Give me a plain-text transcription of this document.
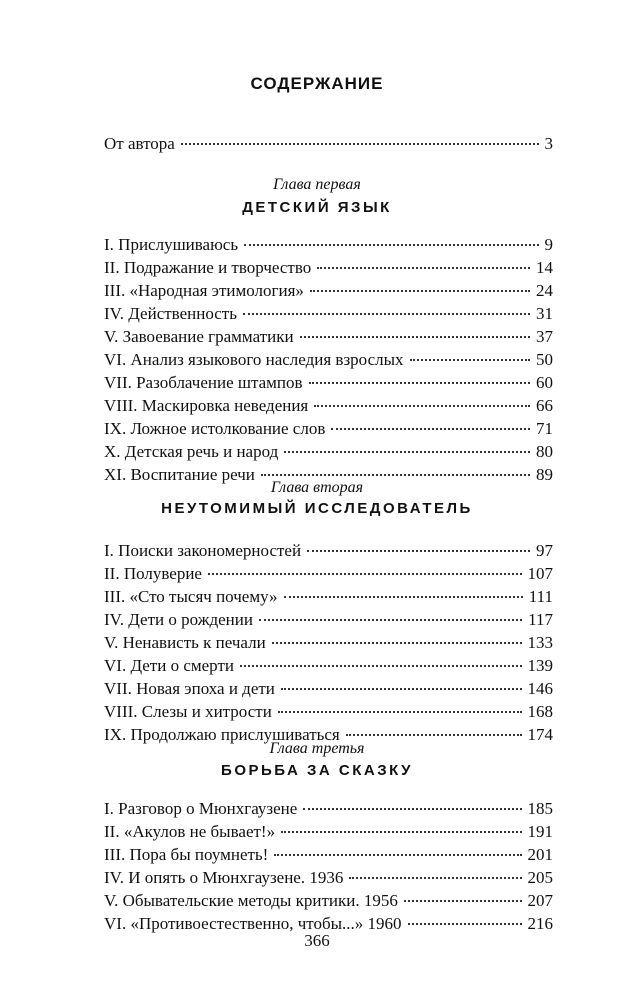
СОДЕРЖАНИЕ
От автора	3
Глава первая
ДЕТСКИЙ ЯЗЫК
I. Прислушиваюсь	9
II. Подражание и творчество	14
III. «Народная этимология»	24
IV. Действенность	31
V. Завоевание грамматики	37
VI. Анализ языкового наследия взрослых	50
VII. Разоблачение штампов	60
VIII. Маскировка неведения	66
IX. Ложное истолкование слов	71
X. Детская речь и народ	80
XI. Воспитание речи	89
Глава вторая
НЕУТОМИМЫЙ ИССЛЕДОВАТЕЛЬ
I. Поиски закономерностей	97
II. Полуверие	107
III. «Сто тысяч почему»	111
IV. Дети о рождении	117
V. Ненависть к печали	133
VI. Дети о смерти	139
VII. Новая эпоха и дети	146
VIII. Слезы и хитрости	168
IX. Продолжаю прислушиваться	174
Глава третья
БОРЬБА ЗА СКАЗКУ
I. Разговор о Мюнхгаузене	185
II. «Акулов не бывает!»	191
III. Пора бы поумнеть!	201
IV. И опять о Мюнхгаузене. 1936	205
V. Обывательские методы критики. 1956	207
VI. «Противоестественно, чтобы...» 1960	216
366
